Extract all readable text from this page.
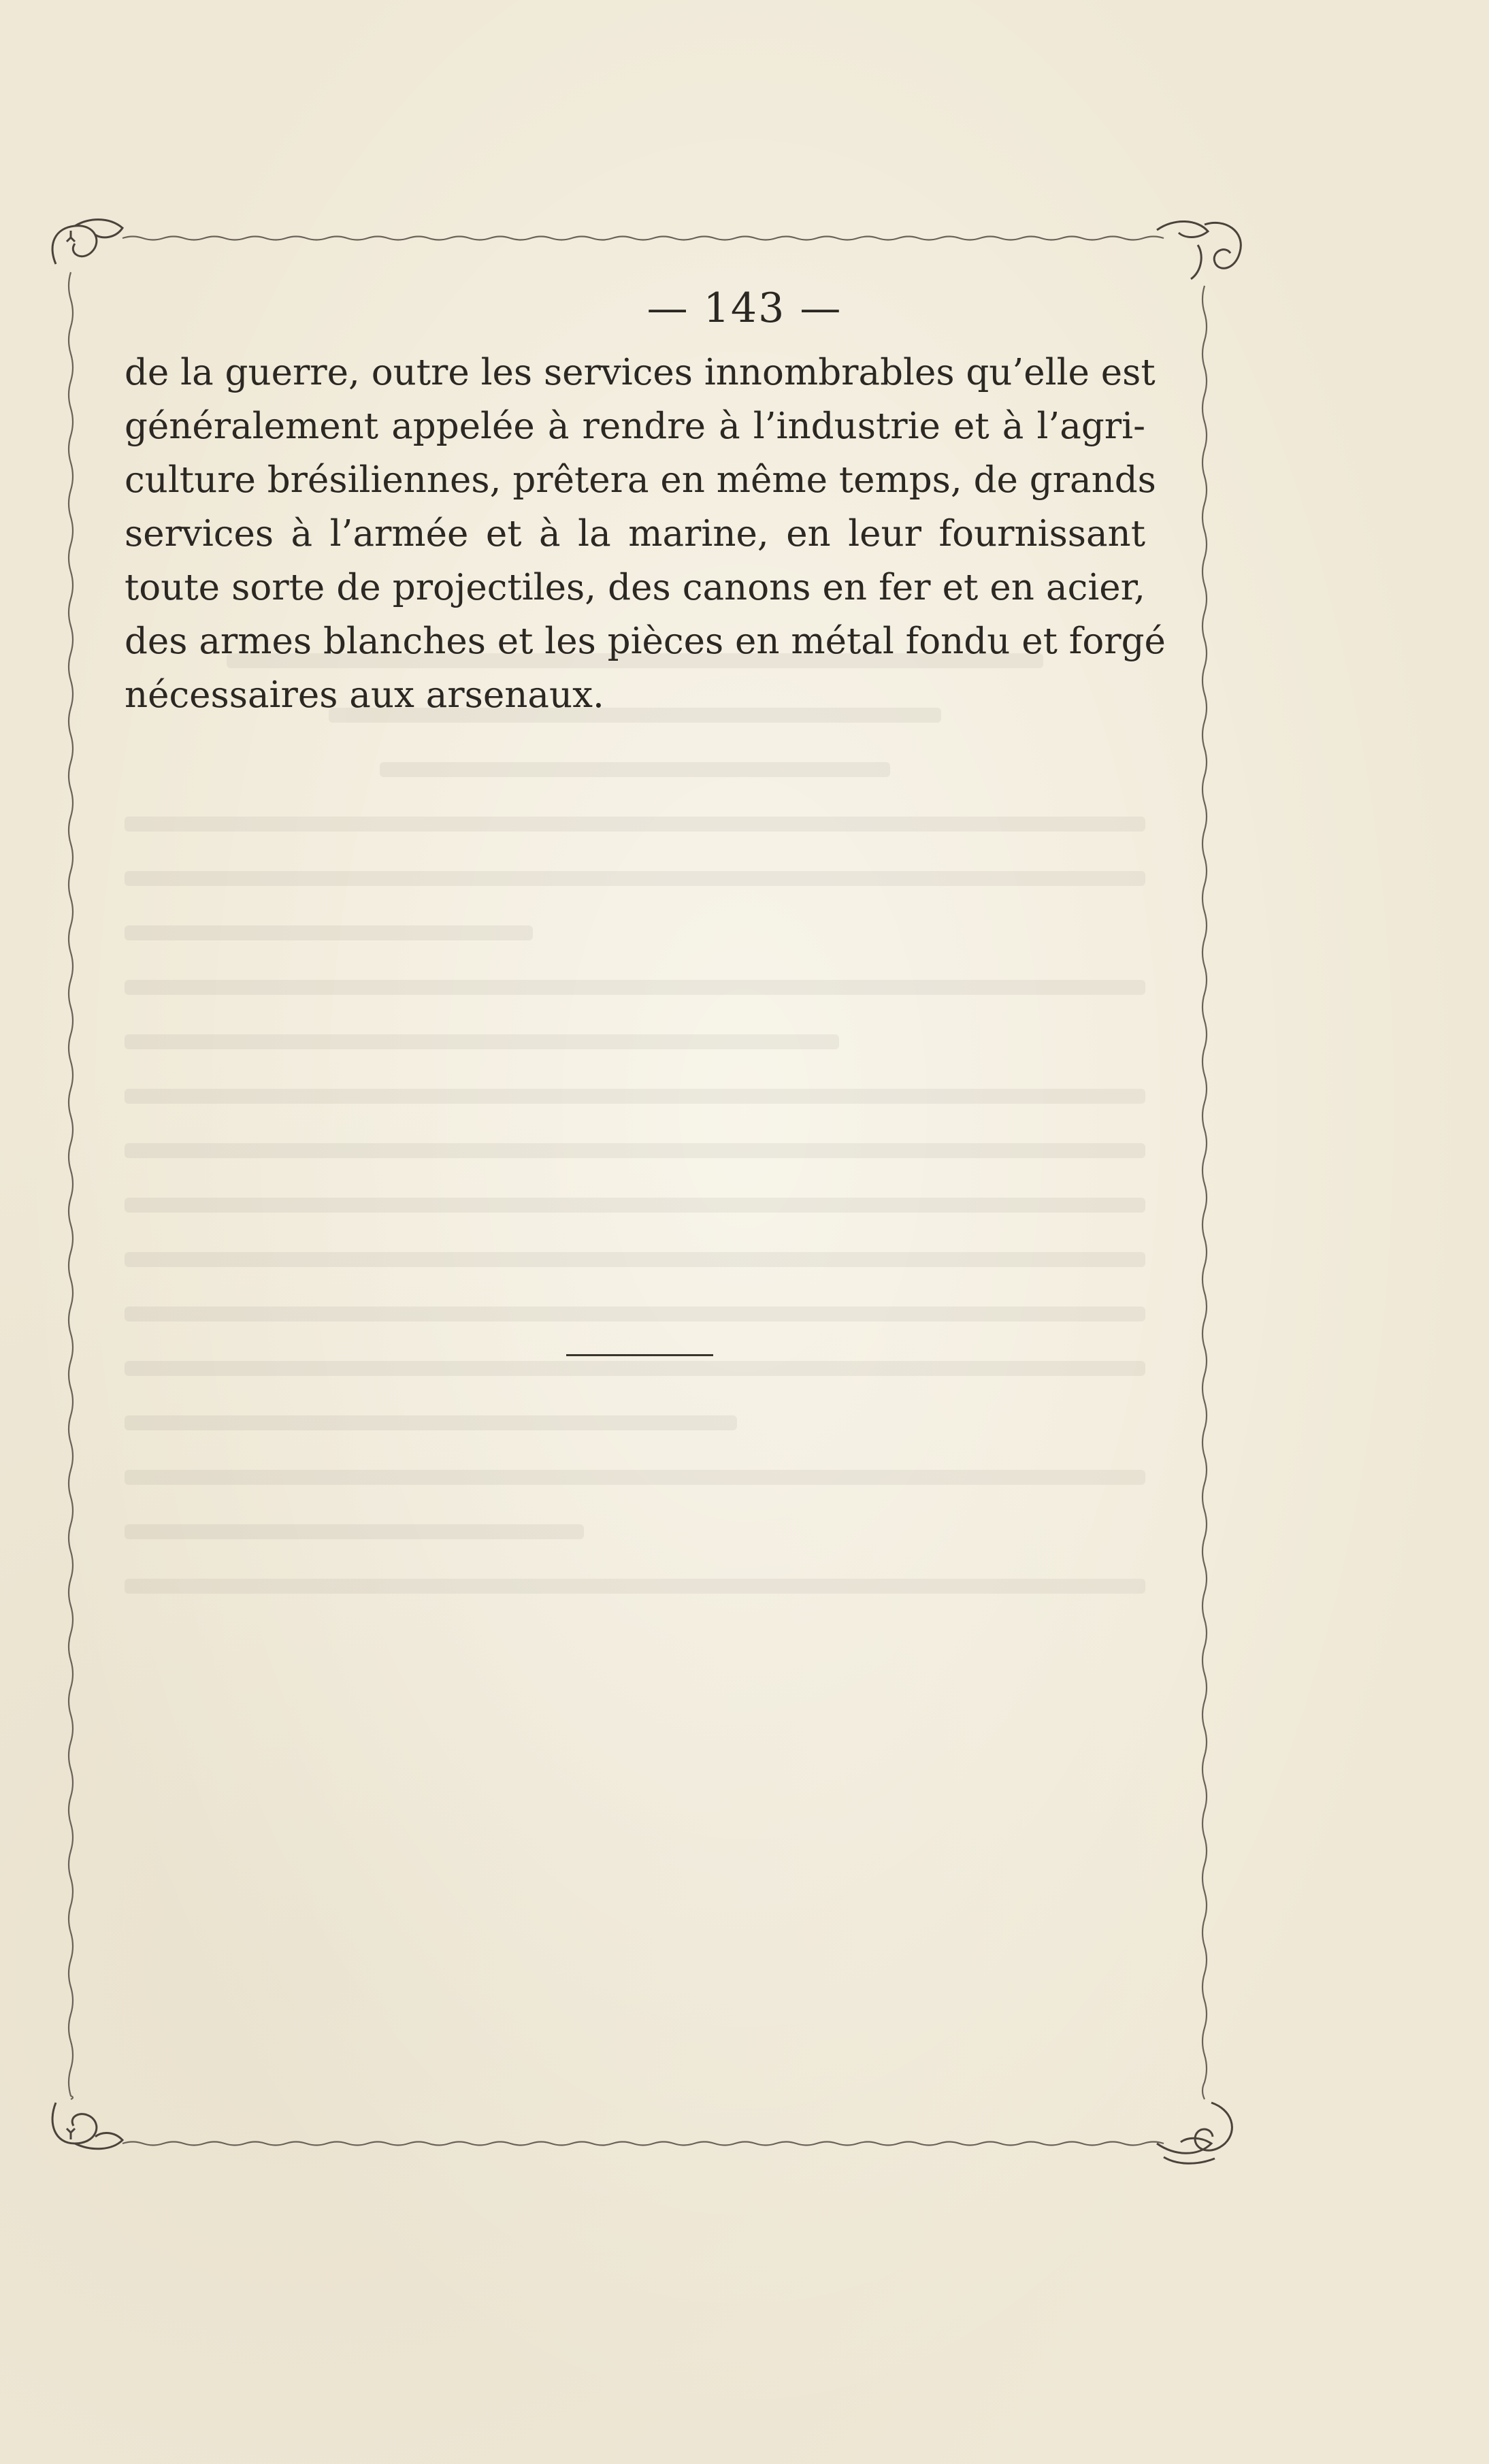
— 143 —
de la guerre, outre les services innombrables qu’elle est
généralement appelée à rendre à l’industrie et à l’agri-
culture brésiliennes, prêtera en même temps, de grands
services à l’armée et à la marine, en leur fournissant
toute sorte de projectiles, des canons en fer et en acier,
des armes blanches et les pièces en métal fondu et forgé
nécessaires aux arsenaux.
